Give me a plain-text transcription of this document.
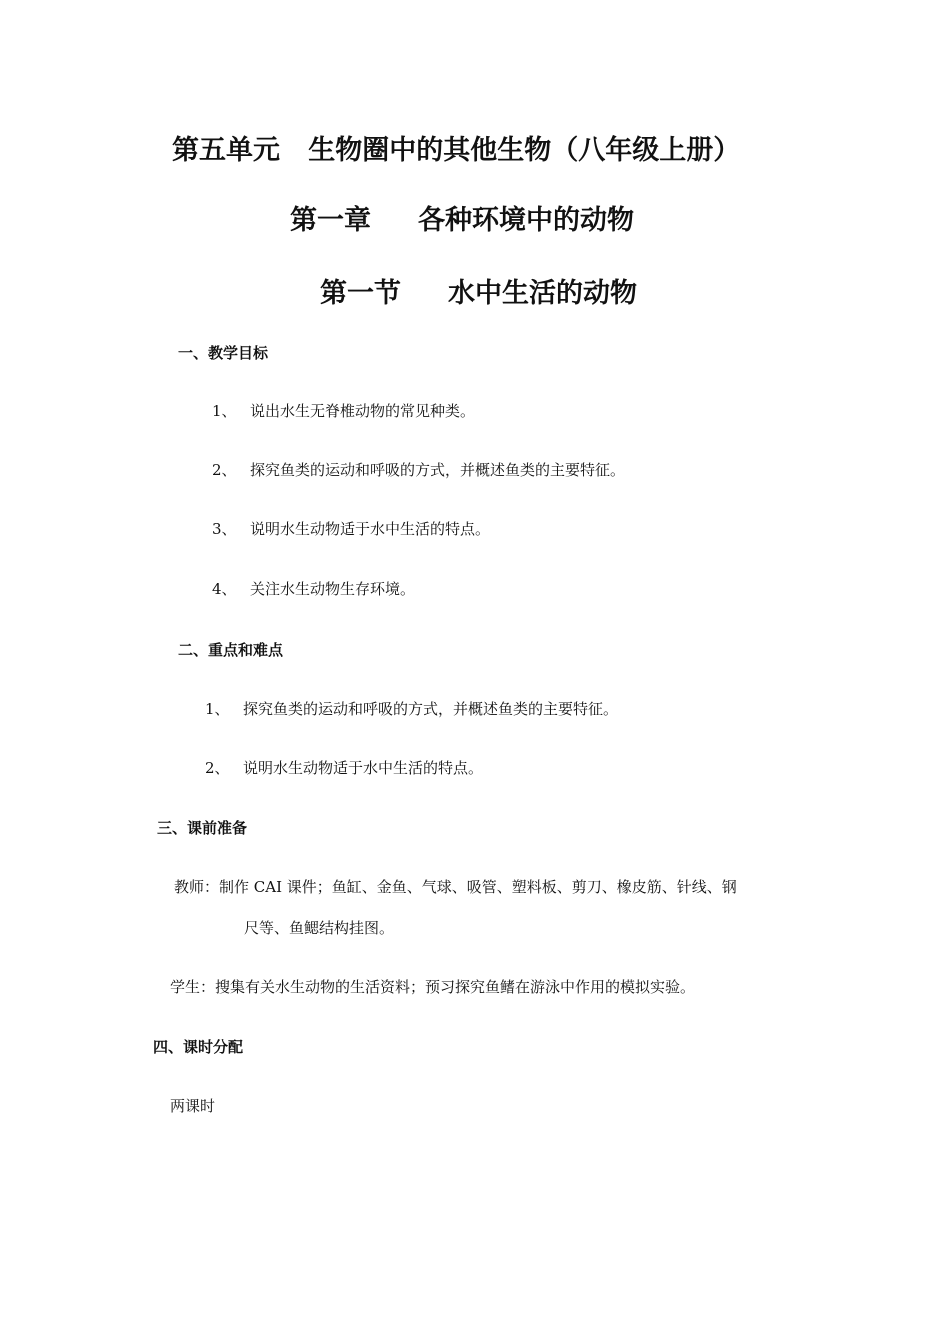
第五单元   生物圈中的其他生物（八年级上册）
第一章     各种环境中的动物
第一节     水中生活的动物
一、教学目标
1、 说出水生无脊椎动物的常见种类。
2、 探究鱼类的运动和呼吸的方式，并概述鱼类的主要特征。
3、 说明水生动物适于水中生活的特点。
4、 关注水生动物生存环境。
二、重点和难点
1、 探究鱼类的运动和呼吸的方式，并概述鱼类的主要特征。
2、 说明水生动物适于水中生活的特点。
三、课前准备
教师：制作 CAI 课件；鱼缸、金鱼、气球、吸管、塑料板、剪刀、橡皮筋、针线、钢
尺等、鱼鳃结构挂图。
学生：搜集有关水生动物的生活资料；预习探究鱼鳍在游泳中作用的模拟实验。
四、课时分配
两课时
